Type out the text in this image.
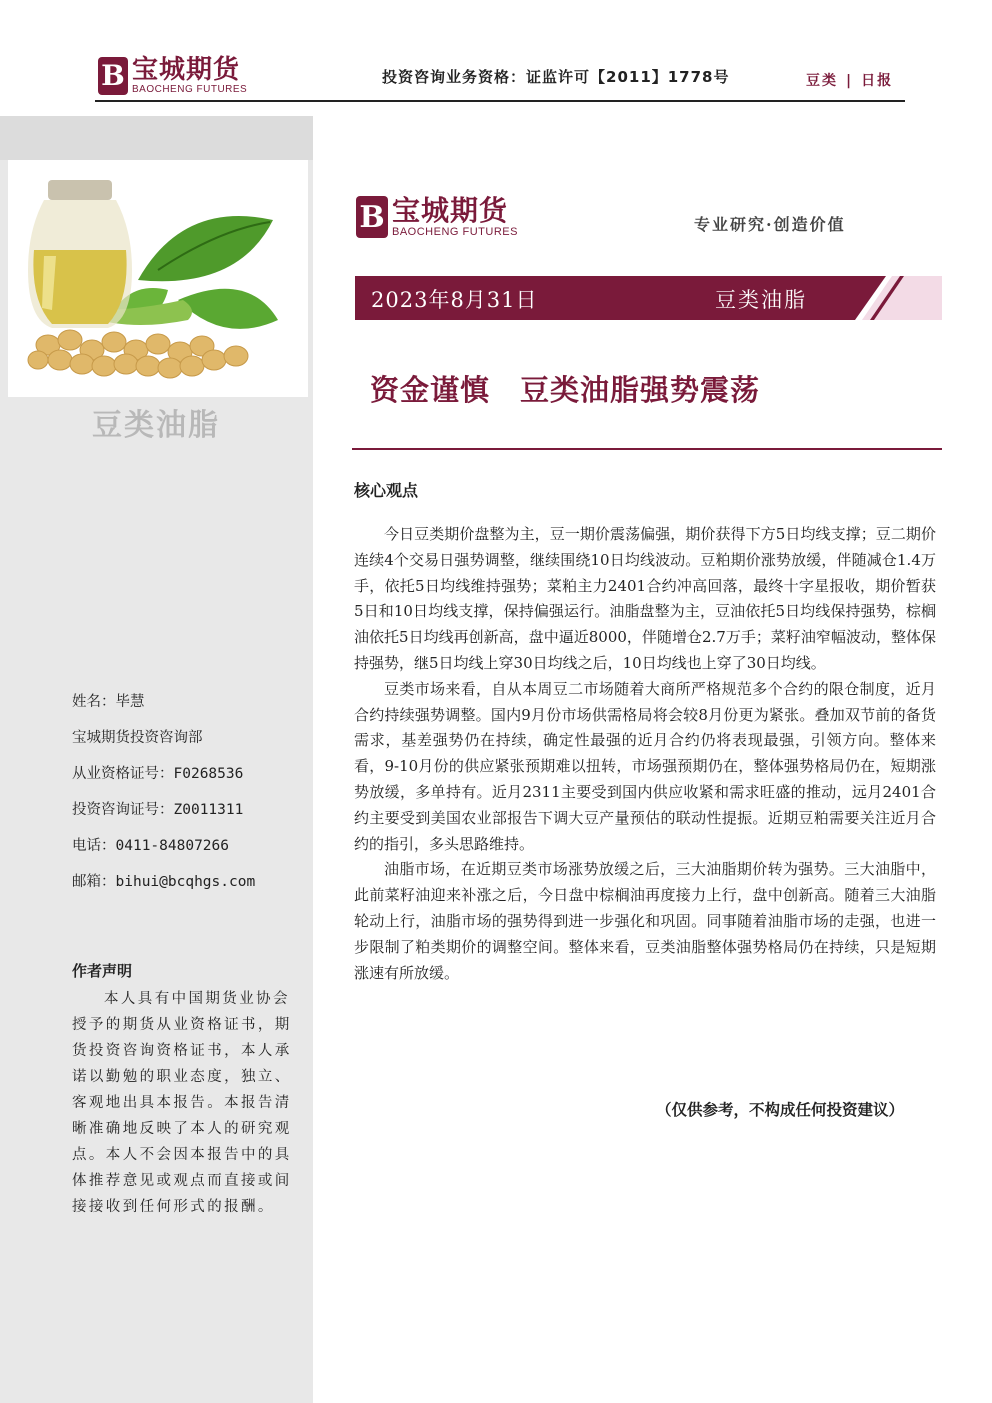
B 宝城期货
BAOCHENG FUTURES
投资咨询业务资格：证监许可【2011】1778号	豆类 | 日报
豆类油脂
姓名：毕慧
宝城期货投资咨询部
从业资格证号：F0268536
投资咨询证号：Z0011311
电话：0411-84807266
邮箱：bihui@bcqhgs.com
作者声明
本人具有中国期货业协会授予的期货从业资格证书，期货投资咨询资格证书，本人承诺以勤勉的职业态度，独立、客观地出具本报告。本报告清晰准确地反映了本人的研究观点。本人不会因本报告中的具体推荐意见或观点而直接或间接接收到任何形式的报酬。
B 宝城期货
BAOCHENG FUTURES	专业研究·创造价值
2023年8月31日	豆类油脂
资金谨慎 豆类油脂强势震荡
核心观点

今日豆类期价盘整为主，豆一期价震荡偏强，期价获得下方5日均线支撑；豆二期价连续4个交易日强势调整，继续围绕10日均线波动。豆粕期价涨势放缓，伴随减仓1.4万手，依托5日均线维持强势；菜粕主力2401合约冲高回落，最终十字星报收，期价暂获5日和10日均线支撑，保持偏强运行。油脂盘整为主，豆油依托5日均线保持强势，棕榈油依托5日均线再创新高，盘中逼近8000，伴随增仓2.7万手；菜籽油窄幅波动，整体保持强势，继5日均线上穿30日均线之后，10日均线也上穿了30日均线。

豆类市场来看，自从本周豆二市场随着大商所严格规范多个合约的限仓制度，近月合约持续强势调整。国内9月份市场供需格局将会较8月份更为紧张。叠加双节前的备货需求，基差强势仍在持续，确定性最强的近月合约仍将表现最强，引领方向。整体来看，9-10月份的供应紧张预期难以扭转，市场强预期仍在，整体强势格局仍在，短期涨势放缓，多单持有。近月2311主要受到国内供应收紧和需求旺盛的推动，远月2401合约主要受到美国农业部报告下调大豆产量预估的联动性提振。近期豆粕需要关注近月合约的指引，多头思路维持。

油脂市场，在近期豆类市场涨势放缓之后，三大油脂期价转为强势。三大油脂中，此前菜籽油迎来补涨之后，今日盘中棕榈油再度接力上行，盘中创新高。随着三大油脂轮动上行，油脂市场的强势得到进一步强化和巩固。同事随着油脂市场的走强，也进一步限制了粕类期价的调整空间。整体来看，豆类油脂整体强势格局仍在持续，只是短期涨速有所放缓。

（仅供参考，不构成任何投资建议）
